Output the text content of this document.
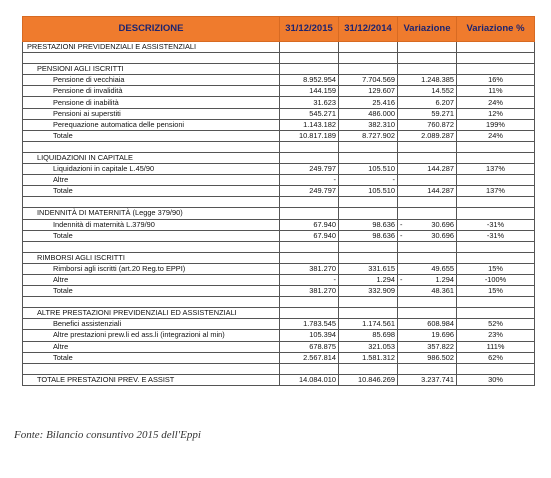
DESCRIZIONE	31/12/2015	31/12/2014	Variazione	Variazione %
PRESTAZIONI PREVIDENZIALI E ASSISTENZIALI				

PENSIONI AGLI ISCRITTI				
Pensione di vecchiaia	8.952.954	7.704.569	1.248.385	16%
Pensione di invalidità	144.159	129.607	14.552	11%
Pensione di inabilità	31.623	25.416	6.207	24%
Pensioni ai superstiti	545.271	486.000	59.271	12%
Perequazione automatica delle pensioni	1.143.182	382.310	760.872	199%
Totale	10.817.189	8.727.902	2.089.287	24%

LIQUIDAZIONI IN CAPITALE				
Liquidazioni in capitale L.45/90	249.797	105.510	144.287	137%
Altre	-	-		
Totale	249.797	105.510	144.287	137%

INDENNITÀ DI MATERNITÀ (Legge 379/90)				
Indennità di maternità L.379/90	67.940	98.636	- 30.696	-31%
Totale	67.940	98.636	- 30.696	-31%

RIMBORSI AGLI ISCRITTI				
Rimborsi agli iscritti (art.20 Reg.to EPPI)	381.270	331.615	49.655	15%
Altre	-	1.294	- 1.294	-100%
Totale	381.270	332.909	48.361	15%

ALTRE PRESTAZIONI PREVIDENZIALI ED ASSISTENZIALI				
Benefici assistenziali	1.783.545	1.174.561	608.984	52%
Altre prestazioni prew.li ed ass.li (integrazioni al min)	105.394	85.698	19.696	23%
Altre	678.875	321.053	357.822	111%
Totale	2.567.814	1.581.312	986.502	62%

TOTALE PRESTAZIONI PREV. E ASSIST	14.084.010	10.846.269	3.237.741	30%
Fonte: Bilancio consuntivo 2015 dell'Eppi
